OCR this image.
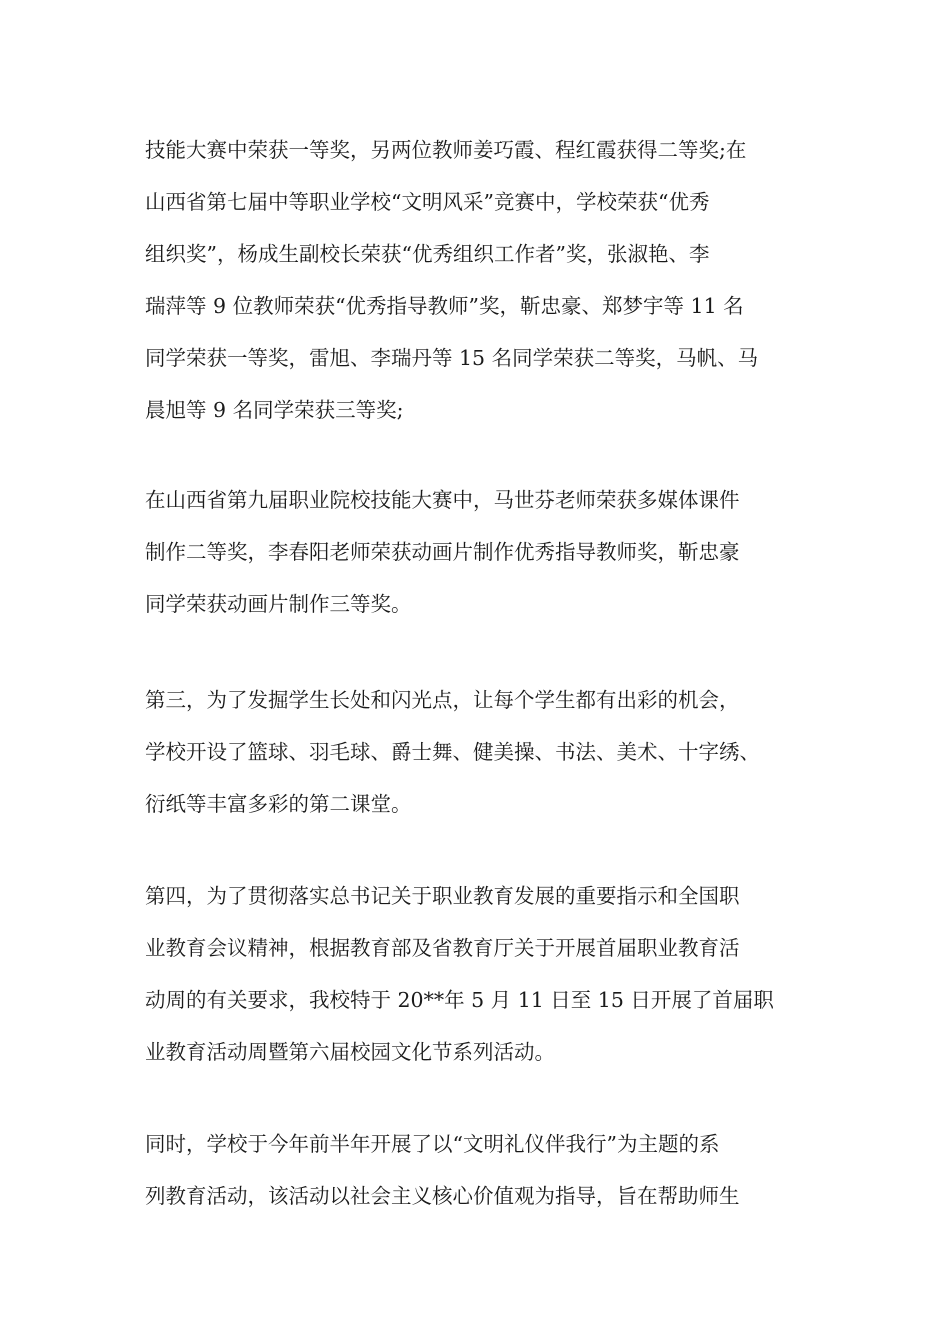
技能大赛中荣获一等奖，另两位教师姜巧霞、程红霞获得二等奖;在
山西省第七届中等职业学校“文明风采”竞赛中，学校荣获“优秀
组织奖”，杨成生副校长荣获“优秀组织工作者”奖，张淑艳、李
瑞萍等 9 位教师荣获“优秀指导教师”奖，靳忠豪、郑梦宇等 11 名
同学荣获一等奖，雷旭、李瑞丹等 15 名同学荣获二等奖，马帆、马
晨旭等 9 名同学荣获三等奖;

在山西省第九届职业院校技能大赛中，马世芬老师荣获多媒体课件
制作二等奖，李春阳老师荣获动画片制作优秀指导教师奖，靳忠豪
同学荣获动画片制作三等奖。

第三，为了发掘学生长处和闪光点，让每个学生都有出彩的机会，
学校开设了篮球、羽毛球、爵士舞、健美操、书法、美术、十字绣、
衍纸等丰富多彩的第二课堂。

第四，为了贯彻落实总书记关于职业教育发展的重要指示和全国职
业教育会议精神，根据教育部及省教育厅关于开展首届职业教育活
动周的有关要求，我校特于 20**年 5 月 11 日至 15 日开展了首届职
业教育活动周暨第六届校园文化节系列活动。

同时，学校于今年前半年开展了以“文明礼仪伴我行”为主题的系
列教育活动，该活动以社会主义核心价值观为指导，旨在帮助师生
